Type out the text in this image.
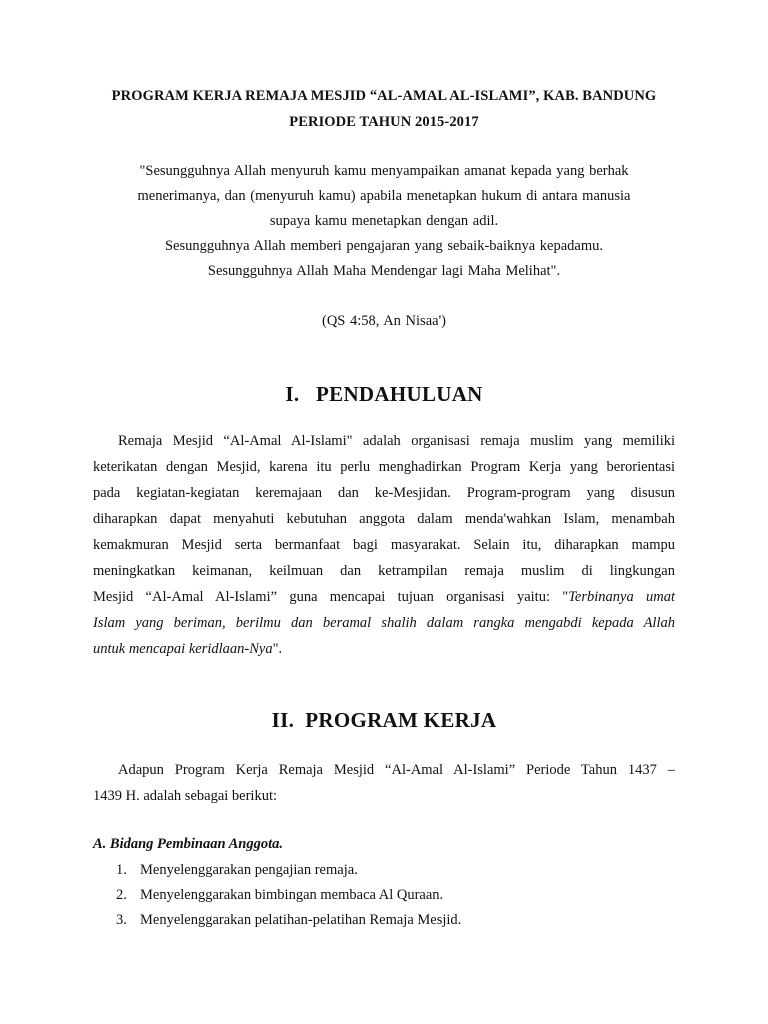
PROGRAM KERJA REMAJA MESJID “AL-AMAL AL-ISLAMI”, KAB. BANDUNG
PERIODE TAHUN 2015-2017
"Sesungguhnya Allah menyuruh kamu menyampaikan amanat kepada yang berhak
menerimanya, dan (menyuruh kamu) apabila menetapkan hukum di antara manusia
supaya kamu menetapkan dengan adil.
Sesungguhnya Allah memberi pengajaran yang sebaik-baiknya kepadamu.
Sesungguhnya Allah Maha Mendengar lagi Maha Melihat".
(QS 4:58, An Nisaa')
I.   PENDAHULUAN
Remaja Mesjid “Al-Amal Al-Islami" adalah organisasi remaja muslim yang memiliki
keterikatan dengan Mesjid, karena itu perlu menghadirkan Program Kerja yang berorientasi
pada kegiatan-kegiatan keremajaan dan ke-Mesjidan. Program-program yang disusun
diharapkan dapat menyahuti kebutuhan anggota dalam menda'wahkan Islam, menambah
kemakmuran Mesjid serta bermanfaat bagi masyarakat. Selain itu, diharapkan mampu
meningkatkan keimanan, keilmuan dan ketrampilan remaja muslim di lingkungan
Mesjid “Al-Amal Al-Islami” guna mencapai tujuan organisasi yaitu: "Terbinanya umat
Islam yang beriman, berilmu dan beramal shalih dalam rangka mengabdi kepada Allah
untuk mencapai keridlaan-Nya".
II.  PROGRAM KERJA
Adapun Program Kerja Remaja Mesjid “Al-Amal Al-Islami” Periode Tahun 1437 –
1439 H. adalah sebagai berikut:
A. Bidang Pembinaan Anggota.
1. Menyelenggarakan pengajian remaja.
2. Menyelenggarakan bimbingan membaca Al Quraan.
3. Menyelenggarakan pelatihan-pelatihan Remaja Mesjid.
